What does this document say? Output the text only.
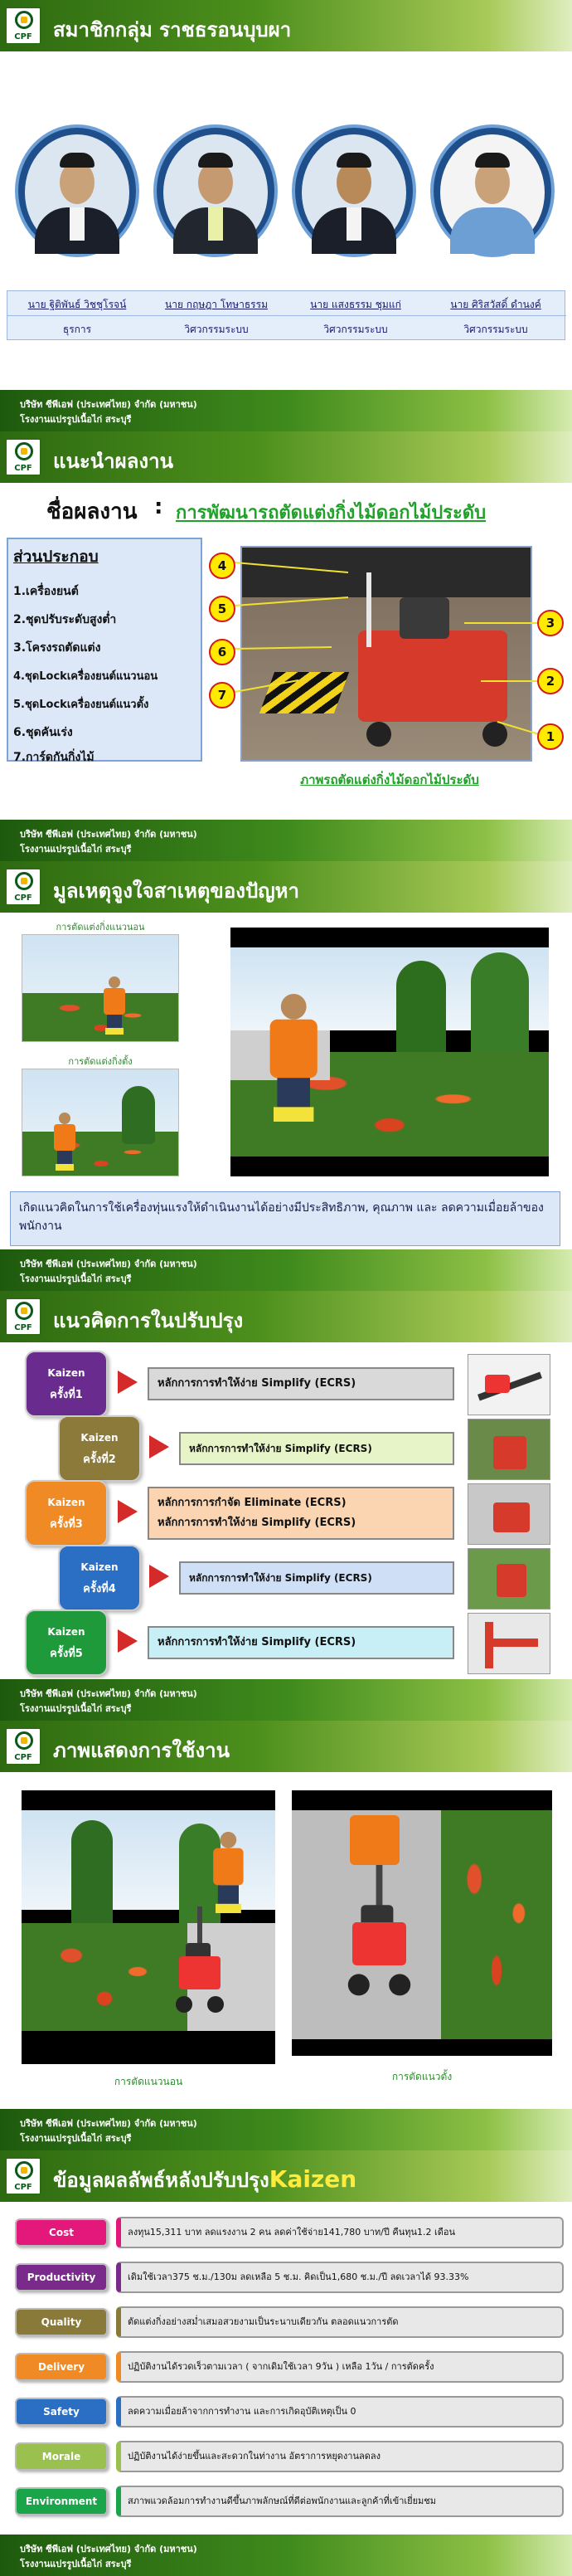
CPF	สมาชิกกลุ่ม ราชธรอนบุบผา
นาย ฐิติพันธ์ วิชชุโรจน์	นาย กฤษฎา โทษาธรรม	นาย แสงธรรม ชุมแก่	นาย ศิริสวัสดิ์ ดำนงค์
ธุรการ	วิศวกรรมระบบ	วิศวกรรมระบบ	วิศวกรรมระบบ
บริษัท ซีพีเอฟ (ประเทศไทย) จำกัด (มหาชน)
โรงงานแปรรูปเนื้อไก่ สระบุรี
CPF	แนะนำผลงาน
ชื่อผลงาน : การพัฒนารถตัดแต่งกิ่งไม้ดอกไม้ประดับ
ส่วนประกอบ
1.เครื่องยนต์
2.ชุดปรับระดับสูงต่ำ
3.โครงรถตัดแต่ง
4.ชุดLockเครื่องยนต์แนวนอน
5.ชุดLockเครื่องยนต์แนวตั้ง
6.ชุดคันเร่ง
7.การ์ดกันกิ่งไม้
4
5
6
7
3
2
1
ภาพรถตัดแต่งกิ่งไม้ดอกไม้ประดับ
บริษัท ซีพีเอฟ (ประเทศไทย) จำกัด (มหาชน)
โรงงานแปรรูปเนื้อไก่ สระบุรี
CPF	มูลเหตุจูงใจสาเหตุของปัญหา
การตัดแต่งกิ่งแนวนอน
การตัดแต่งกิ่งตั้ง
เกิดแนวคิดในการใช้เครื่องทุ่นแรงให้ดำเนินงานได้อย่างมีประสิทธิภาพ, คุณภาพ และ ลดความเมื่อยล้าของพนักงาน
บริษัท ซีพีเอฟ (ประเทศไทย) จำกัด (มหาชน)
โรงงานแปรรูปเนื้อไก่ สระบุรี
CPF	แนวคิดการในปรับปรุง
Kaizen
ครั้งที่1
หลักการการทำให้ง่าย Simplify (ECRS)
Kaizen
ครั้งที่2
หลักการการทำให้ง่าย Simplify (ECRS)
Kaizen
ครั้งที่3
หลักการการกำจัด Eliminate (ECRS)
หลักการการทำให้ง่าย Simplify (ECRS)
Kaizen
ครั้งที่4
หลักการการทำให้ง่าย Simplify (ECRS)
Kaizen
ครั้งที่5
หลักการการทำให้ง่าย Simplify (ECRS)
บริษัท ซีพีเอฟ (ประเทศไทย) จำกัด (มหาชน)
โรงงานแปรรูปเนื้อไก่ สระบุรี
CPF	ภาพแสดงการใช้งาน
การตัดแนวนอน	การตัดแนวตั้ง
บริษัท ซีพีเอฟ (ประเทศไทย) จำกัด (มหาชน)
โรงงานแปรรูปเนื้อไก่ สระบุรี
CPF	ข้อมูลผลลัพธ์หลังปรับปรุงKaizen
Cost	ลงทุน15,311 บาท ลดแรงงาน 2 คน ลดค่าใช้จ่าย141,780 บาท/ปี คืนทุน1.2 เดือน
Productivity	เดิมใช้เวลา375 ช.ม./130ม ลดเหลือ 5 ช.ม. คิดเป็น1,680 ช.ม./ปี ลดเวลาได้ 93.33%
Quality	ตัดแต่งกิ่งอย่างสม่ำเสมอสวยงามเป็นระนาบเดียวกัน ตลอดแนวการตัด
Delivery	ปฏิบัติงานได้รวดเร็วตามเวลา ( จากเดิมใช้เวลา 9วัน ) เหลือ 1วัน / การตัดครั้ง
Safety	ลดความเมื่อยล้าจากการทำงาน และการเกิดอุบัติเหตุเป็น 0
Morale	ปฏิบัติงานได้ง่ายขึ้นและสะดวกในท่างาน อัตราการหยุดงานลดลง
Environment	สภาพแวดล้อมการทำงานดีขึ้นภาพลักษณ์ที่ดีต่อพนักงานและลูกค้าที่เข้าเยี่ยมชม
บริษัท ซีพีเอฟ (ประเทศไทย) จำกัด (มหาชน)
โรงงานแปรรูปเนื้อไก่ สระบุรี
